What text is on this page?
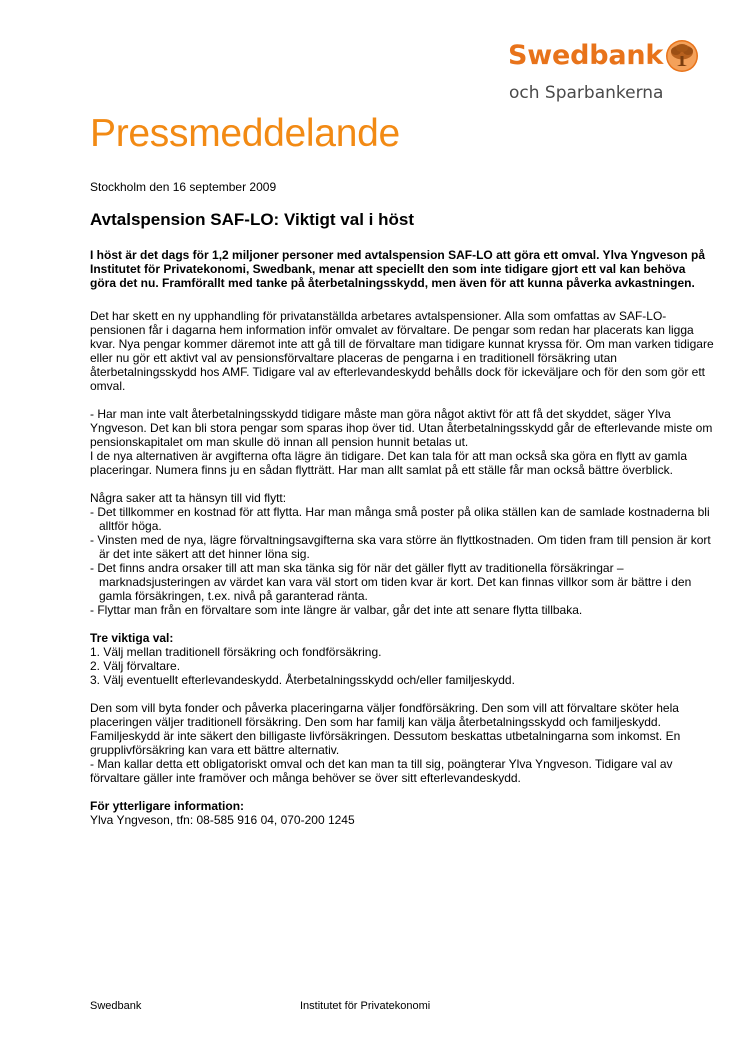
Swedbank
och Sparbankerna
Pressmeddelande
Stockholm den 16 september 2009
Avtalspension SAF-LO: Viktigt val i höst
I höst är det dags för 1,2 miljoner personer med avtalspension SAF-LO att göra ett omval. Ylva Yngveson på Institutet för Privatekonomi, Swedbank, menar att speciellt den som inte tidigare gjort ett val kan behöva göra det nu. Framförallt med tanke på återbetalningsskydd, men även för att kunna påverka avkastningen.

Det har skett en ny upphandling för privatanställda arbetares avtalspensioner. Alla som omfattas av SAF-LO-pensionen får i dagarna hem information inför omvalet av förvaltare. De pengar som redan har placerats kan ligga kvar. Nya pengar kommer däremot inte att gå till de förvaltare man tidigare kunnat kryssa för. Om man varken tidigare eller nu gör ett aktivt val av pensionsförvaltare placeras de pengarna i en traditionell försäkring utan återbetalningsskydd hos AMF. Tidigare val av efterlevandeskydd behålls dock för ickeväljare och för den som gör ett omval.

- Har man inte valt återbetalningsskydd tidigare måste man göra något aktivt för att få det skyddet, säger Ylva Yngveson. Det kan bli stora pengar som sparas ihop över tid. Utan återbetalningsskydd går de efterlevande miste om pensionskapitalet om man skulle dö innan all pension hunnit betalas ut.

I de nya alternativen är avgifterna ofta lägre än tidigare. Det kan tala för att man också ska göra en flytt av gamla placeringar. Numera finns ju en sådan flytträtt. Har man allt samlat på ett ställe får man också bättre överblick.

Några saker att ta hänsyn till vid flytt:

- Det tillkommer en kostnad för att flytta. Har man många små poster på olika ställen kan de samlade kostnaderna bli alltför höga.
- Vinsten med de nya, lägre förvaltningsavgifterna ska vara större än flyttkostnaden. Om tiden fram till pension är kort är det inte säkert att det hinner löna sig.
- Det finns andra orsaker till att man ska tänka sig för när det gäller flytt av traditionella försäkringar – marknadsjusteringen av värdet kan vara väl stort om tiden kvar är kort. Det kan finnas villkor som är bättre i den gamla försäkringen, t.ex. nivå på garanterad ränta.
- Flyttar man från en förvaltare som inte längre är valbar, går det inte att senare flytta tillbaka.

Tre viktiga val:

1. Välj mellan traditionell försäkring och fondförsäkring.

2. Välj förvaltare.

3. Välj eventuellt efterlevandeskydd. Återbetalningsskydd och/eller familjeskydd.

Den som vill byta fonder och påverka placeringarna väljer fondförsäkring. Den som vill att förvaltare sköter hela placeringen väljer traditionell försäkring. Den som har familj kan välja återbetalningsskydd och familjeskydd. Familjeskydd är inte säkert den billigaste livförsäkringen. Dessutom beskattas utbetalningarna som inkomst. En grupplivförsäkring kan vara ett bättre alternativ.

- Man kallar detta ett obligatoriskt omval och det kan man ta till sig, poängterar Ylva Yngveson. Tidigare val av förvaltare gäller inte framöver och många behöver se över sitt efterlevandeskydd.

För ytterligare information:

Ylva Yngveson, tfn: 08-585 916 04, 070-200 1245

Swedbank	Institutet för Privatekonomi
